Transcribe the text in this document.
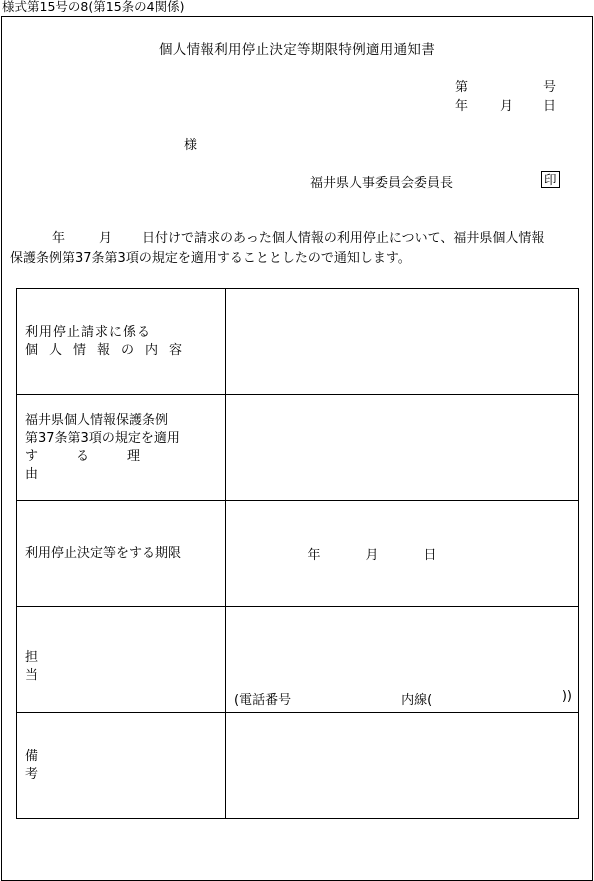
様式第15号の8(第15条の4関係)
個人情報利用停止決定等期限特例適用通知書
第	号
年 月 日
様
福井県人事委員会委員長	印
年	月 日付けで請求のあった個人情報の利用停止について、福井県個人情報
保護条例第37条第3項の規定を適用することとしたので通知します。
利用停止請求に係る
個人情報の内容	

福井県個人情報保護条例
第37条第3項の規定を適用
する理由	

利用停止決定等をする期限	年 月 日

担当	(電話番号 内線( ))

備考	
